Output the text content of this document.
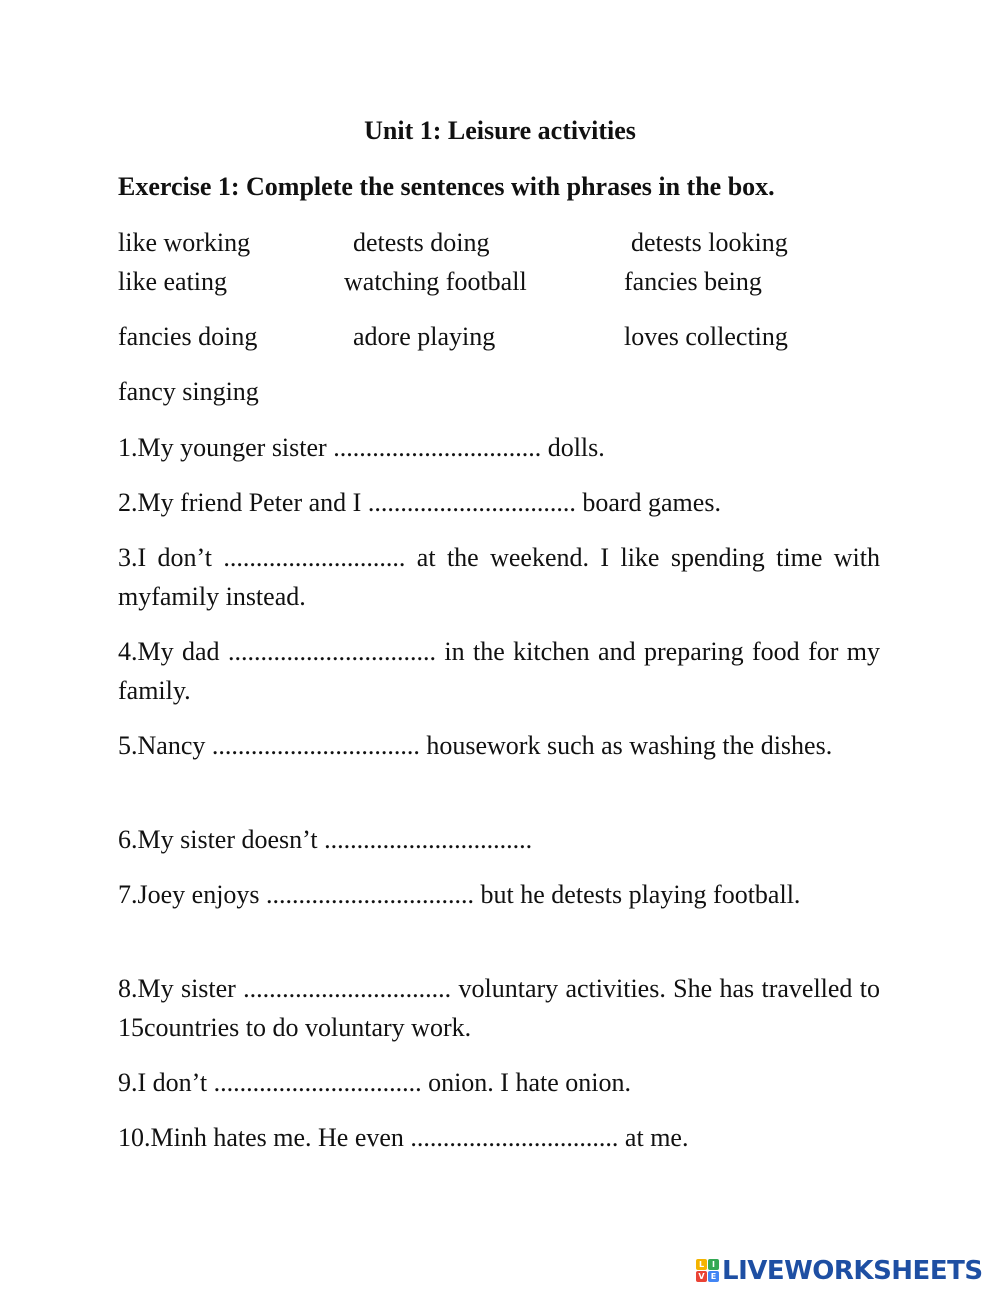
Unit 1: Leisure activities
Exercise 1: Complete the sentences with phrases in the box.
like working	detests doing	detests looking
like eating	watching football	fancies being
fancies doing	adore playing	loves collecting
fancy singing
1.My younger sister ................................ dolls.
2.My friend Peter and I ................................ board games.
3.I don’t ............................ at the weekend. I like spending time with myfamily instead.
4.My dad ................................ in the kitchen and preparing food for my family.
5.Nancy ................................ housework such as washing the dishes.
6.My sister doesn’t ................................
7.Joey enjoys ................................ but he detests playing football.
8.My sister ................................ voluntary activities. She has travelled to 15countries to do voluntary work.
9.I don’t ................................ onion. I hate onion.
10.Minh hates me. He even ................................ at me.
L I
V E LIVEWORKSHEETS
